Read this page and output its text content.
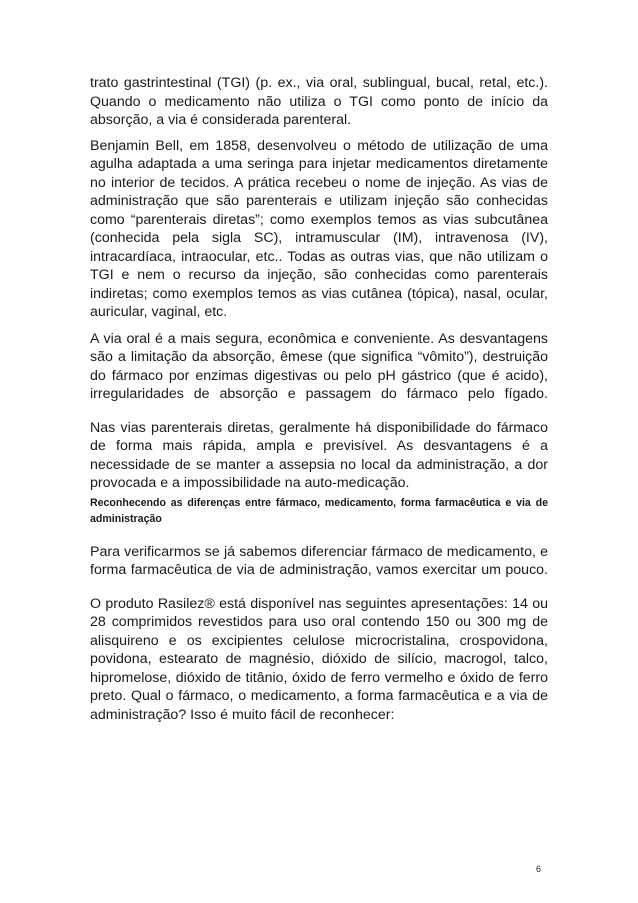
trato gastrintestinal (TGI) (p. ex., via oral, sublingual, bucal, retal, etc.). Quando o medicamento não utiliza o TGI como ponto de início da absorção, a via é considerada parenteral.

Benjamin Bell, em 1858, desenvolveu o método de utilização de uma agulha adaptada a uma seringa para injetar medicamentos diretamente no interior de tecidos. A prática recebeu o nome de injeção. As vias de administração que são parenterais e utilizam injeção são conhecidas como “parenterais diretas”; como exemplos temos as vias subcutânea (conhecida pela sigla SC), intramuscular (IM), intravenosa (IV), intracardíaca, intraocular, etc.. Todas as outras vias, que não utilizam o TGI e nem o recurso da injeção, são conhecidas como parenterais indiretas; como exemplos temos as vias cutânea (tópica), nasal, ocular, auricular, vaginal, etc.

A via oral é a mais segura, econômica e conveniente. As desvantagens são a limitação da absorção, êmese (que significa “vômito”), destruição do fármaco por enzimas digestivas ou pelo pH gástrico (que é acido), irregularidades de absorção e passagem do fármaco pelo fígado.

Nas vias parenterais diretas, geralmente há disponibilidade do fármaco de forma mais rápida, ampla e previsível. As desvantagens é a necessidade de se manter a assepsia no local da administração, a dor provocada e a impossibilidade na auto-medicação.

Reconhecendo as diferenças entre fármaco, medicamento, forma farmacêutica e via de administração

Para verificarmos se já sabemos diferenciar fármaco de medicamento, e forma farmacêutica de via de administração, vamos exercitar um pouco.

O produto Rasilez® está disponível nas seguintes apresentações: 14 ou 28 comprimidos revestidos para uso oral contendo 150 ou 300 mg de alisquireno e os excipientes celulose microcristalina, crospovidona, povidona, estearato de magnésio, dióxido de silício, macrogol, talco, hipromelose, dióxido de titânio, óxido de ferro vermelho e óxido de ferro preto. Qual o fármaco, o medicamento, a forma farmacêutica e a via de administração? Isso é muito fácil de reconhecer:

6
